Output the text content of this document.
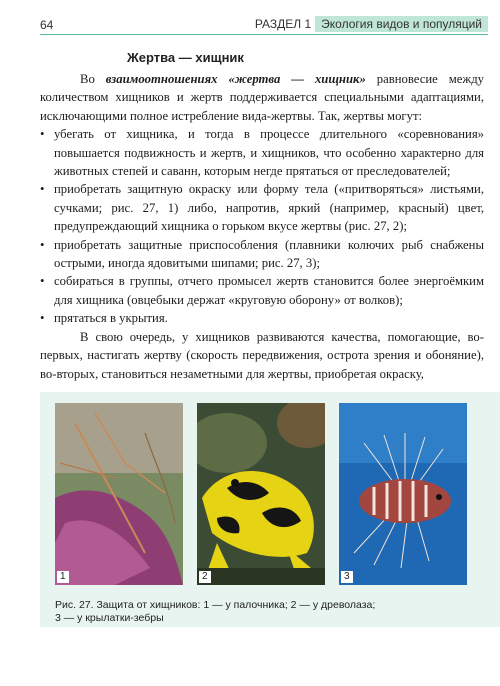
64	РАЗДЕЛ 1 Экология видов и популяций
Жертва — хищник

Во взаимоотношениях «жертва — хищник» равновесие между количеством хищников и жертв поддерживается специальными адаптациями, исключающими полное истребление вида-жертвы. Так, жертвы могут:

• убегать от хищника, и тогда в процессе длительного «соревнования» повышается подвижность и жертв, и хищников, что особенно характерно для животных степей и саванн, которым негде прятаться от преследователей;

• приобретать защитную окраску или форму тела («притворяться» листьями, сучками; рис. 27, 1) либо, напротив, яркий (например, красный) цвет, предупреждающий хищника о горьком вкусе жертвы (рис. 27, 2);

• приобретать защитные приспособления (плавники колючих рыб снабжены острыми, иногда ядовитыми шипами; рис. 27, 3);

• собираться в группы, отчего промысел жертв становится более энергоёмким для хищника (овцебыки держат «круговую оборону» от волков);

• прятаться в укрытия.

В свою очередь, у хищников развиваются качества, помогающие, во-первых, настигать жертву (скорость передвижения, острота зрения и обоняние), во-вторых, становиться незаметными для жертвы, приобретая окраску,

1	2	3
Рис. 27. Защита от хищников: 1 — у палочника; 2 — у древолаза;
3 — у крылатки-зебры
